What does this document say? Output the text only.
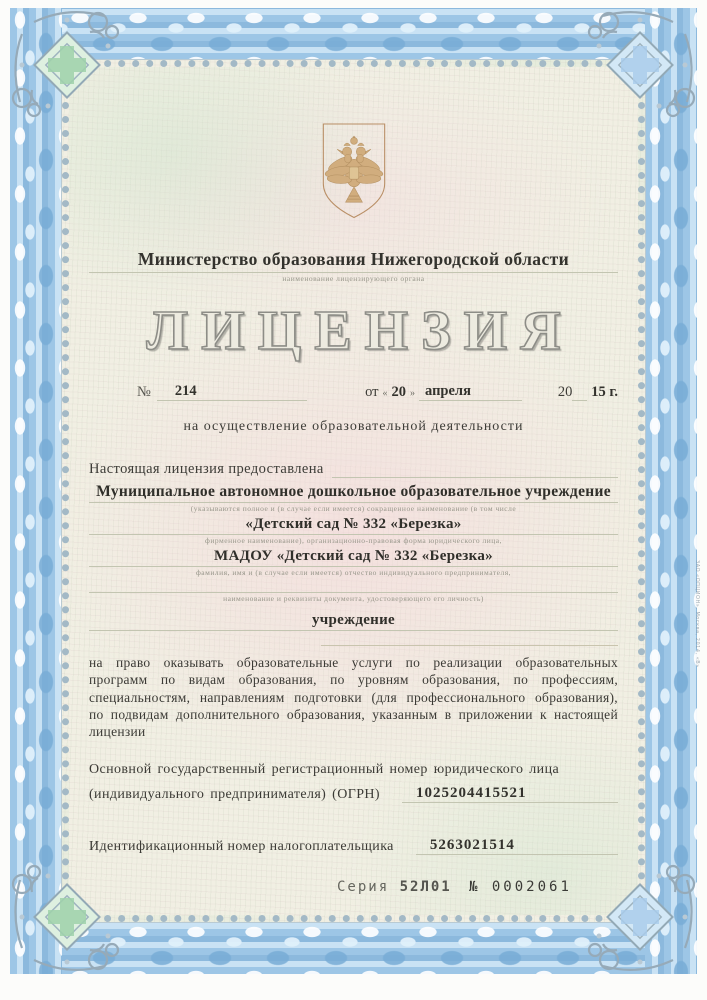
Министерство образования Нижегородской области
наименование лицензирующего органа
ЛИЦЕНЗИЯ
№	214	от « 20 » апреля	20 15 г.
на осуществление образовательной деятельности
Настоящая лицензия предоставлена
Муниципальное автономное дошкольное образовательное учреждение
(указываются полное и (в случае если имеется) сокращенное наименование (в том числе
«Детский сад № 332 «Березка»
фирменное наименование), организационно-правовая форма юридического лица,
МАДОУ «Детский сад № 332 «Березка»
фамилия, имя и (в случае если имеется) отчество индивидуального предпринимателя,
наименование и реквизиты документа, удостоверяющего его личность)
учреждение
на право оказывать образовательные услуги по реализации образовательных программ по видам образования, по уровням образования, по профессиям, специальностям, направлениям подготовки (для профессионального образования), по подвидам дополнительного образования, указанным в приложении к настоящей лицензии
Основной государственный регистрационный номер юридического лица
(индивидуального предпринимателя) (ОГРН)	1025204415521
Идентификационный номер налогоплательщика	5263021514
Серия 52Л01 № 0002061
ЗАО «ОПЦИОН», Москва, 2014, «В»
